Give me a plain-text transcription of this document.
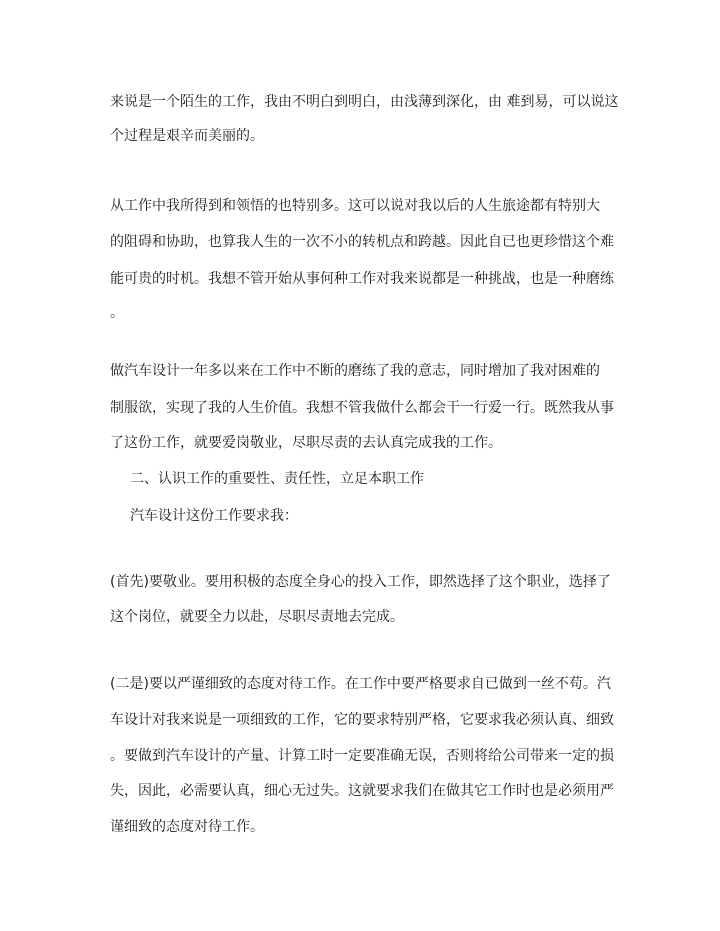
来说是一个陌生的工作，我由不明白到明白，由浅薄到深化，由 难到易，可以说这
个过程是艰辛而美丽的。
从工作中我所得到和领悟的也特别多。这可以说对我以后的人生旅途都有特别大
的阻碍和协助，也算我人生的一次不小的转机点和跨越。因此自已也更珍惜这个难
能可贵的时机。我想不管开始从事何种工作对我来说都是一种挑战，也是一种磨练
。
做汽车设计一年多以来在工作中不断的磨练了我的意志，同时增加了我对困难的
制服欲，实现了我的人生价值。我想不管我做什么都会干一行爱一行。既然我从事
了这份工作，就要爱岗敬业，尽职尽责的去认真完成我的工作。
二、认识工作的重要性、责任性，立足本职工作
汽车设计这份工作要求我：
(首先)要敬业。要用积极的态度全身心的投入工作，即然选择了这个职业，选择了
这个岗位，就要全力以赴，尽职尽责地去完成。
(二是)要以严谨细致的态度对待工作。在工作中要严格要求自已做到一丝不苟。汽
车设计对我来说是一项细致的工作，它的要求特别严格，它要求我必须认真、细致
。要做到汽车设计的产量、计算工时一定要准确无误，否则将给公司带来一定的损
失，因此，必需要认真，细心无过失。这就要求我们在做其它工作时也是必须用严
谨细致的态度对待工作。
